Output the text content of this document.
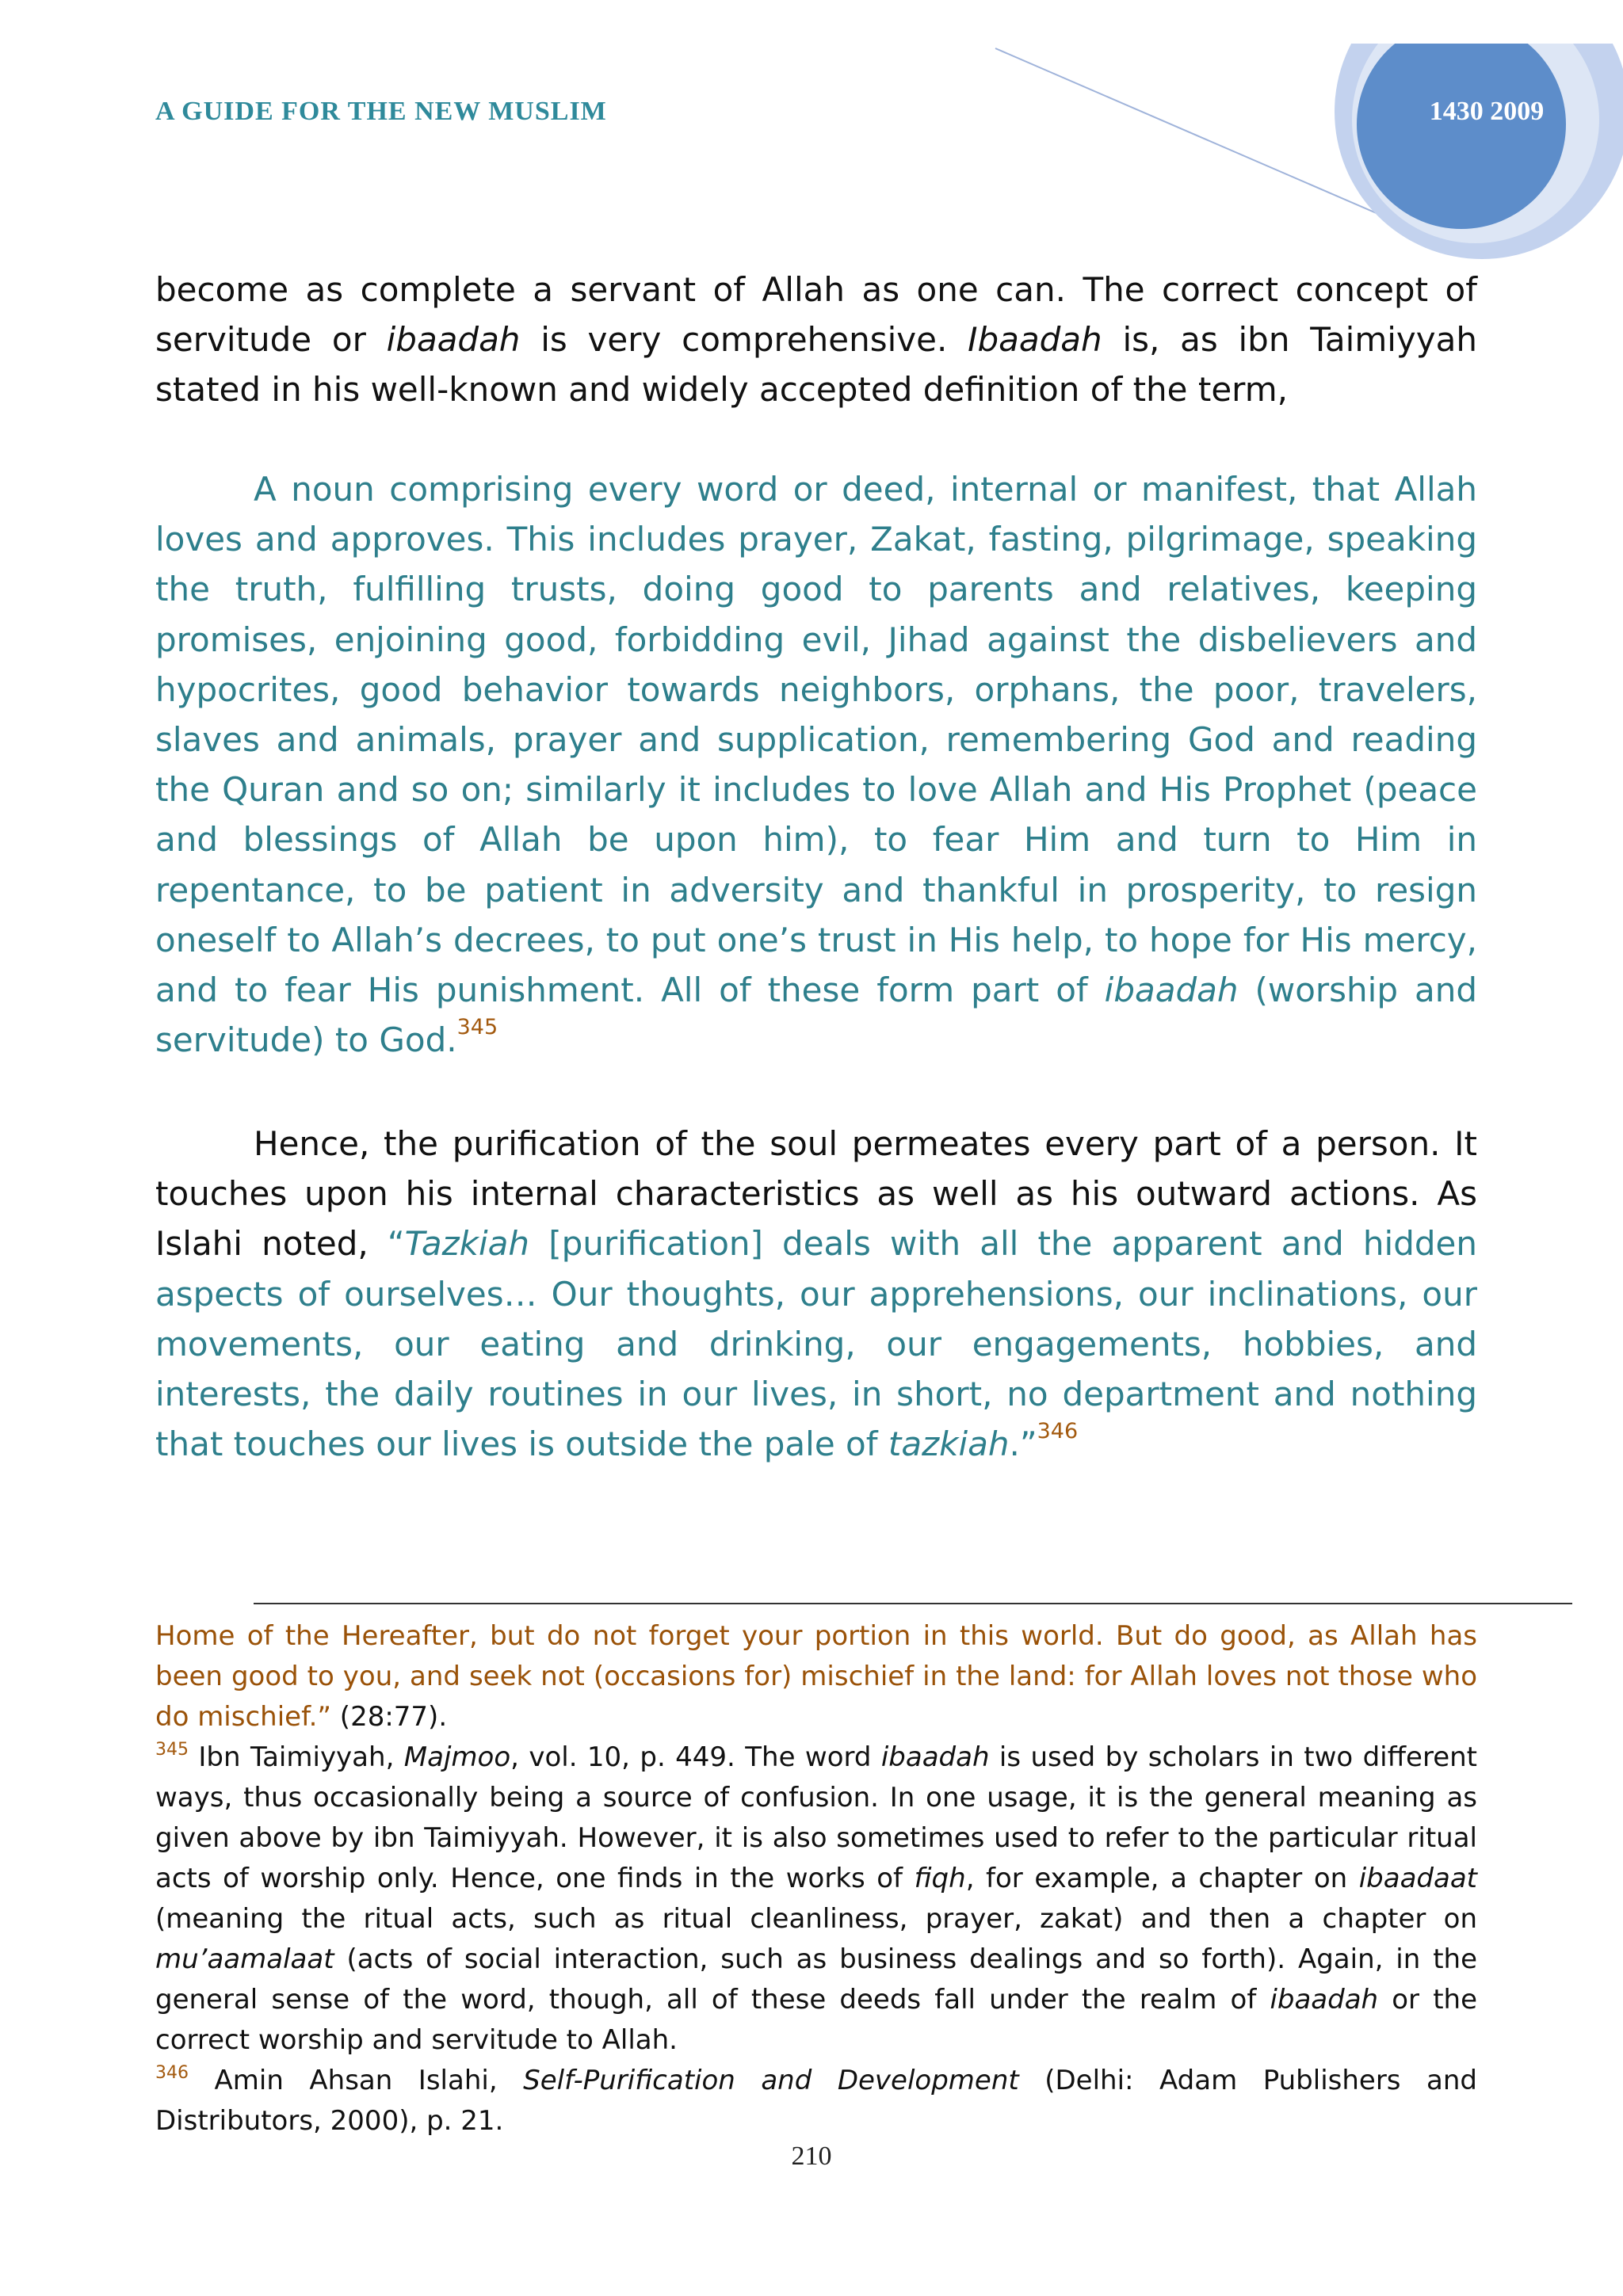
A GUIDE FOR THE NEW MUSLIM	1430 2009

become as complete a servant of Allah as one can. The correct concept of servitude or ibaadah is very comprehensive. Ibaadah is, as ibn Taimiyyah stated in his well-known and widely accepted definition of the term,

A noun comprising every word or deed, internal or manifest, that Allah loves and approves. This includes prayer, Zakat, fasting, pilgrimage, speaking the truth, fulfilling trusts, doing good to parents and relatives, keeping promises, enjoining good, forbidding evil, Jihad against the disbelievers and hypocrites, good behavior towards neighbors, orphans, the poor, travelers, slaves and animals, prayer and supplication, remembering God and reading the Quran and so on; similarly it includes to love Allah and His Prophet (peace and blessings of Allah be upon him), to fear Him and turn to Him in repentance, to be patient in adversity and thankful in prosperity, to resign oneself to Allah’s decrees, to put one’s trust in His help, to hope for His mercy, and to fear His punishment. All of these form part of ibaadah (worship and servitude) to God.$^{345}$

Hence, the purification of the soul permeates every part of a person. It touches upon his internal characteristics as well as his outward actions. As Islahi noted, “Tazkiah [purification] deals with all the apparent and hidden aspects of ourselves… Our thoughts, our apprehensions, our inclinations, our movements, our eating and drinking, our engagements, hobbies, and interests, the daily routines in our lives, in short, no department and nothing that touches our lives is outside the pale of tazkiah.”$^{346}$

Home of the Hereafter, but do not forget your portion in this world. But do good, as Allah has been good to you, and seek not (occasions for) mischief in the land: for Allah loves not those who do mischief.” (28:77).

$^{345}$ Ibn Taimiyyah, Majmoo, vol. 10, p. 449. The word ibaadah is used by scholars in two different ways, thus occasionally being a source of confusion. In one usage, it is the general meaning as given above by ibn Taimiyyah. However, it is also sometimes used to refer to the particular ritual acts of worship only. Hence, one finds in the works of fiqh, for example, a chapter on ibaadaat (meaning the ritual acts, such as ritual cleanliness, prayer, zakat) and then a chapter on mu’aamalaat (acts of social interaction, such as business dealings and so forth). Again, in the general sense of the word, though, all of these deeds fall under the realm of ibaadah or the correct worship and servitude to Allah.

$^{346}$ Amin Ahsan Islahi, Self-Purification and Development (Delhi: Adam Publishers and Distributors, 2000), p. 21.

210
